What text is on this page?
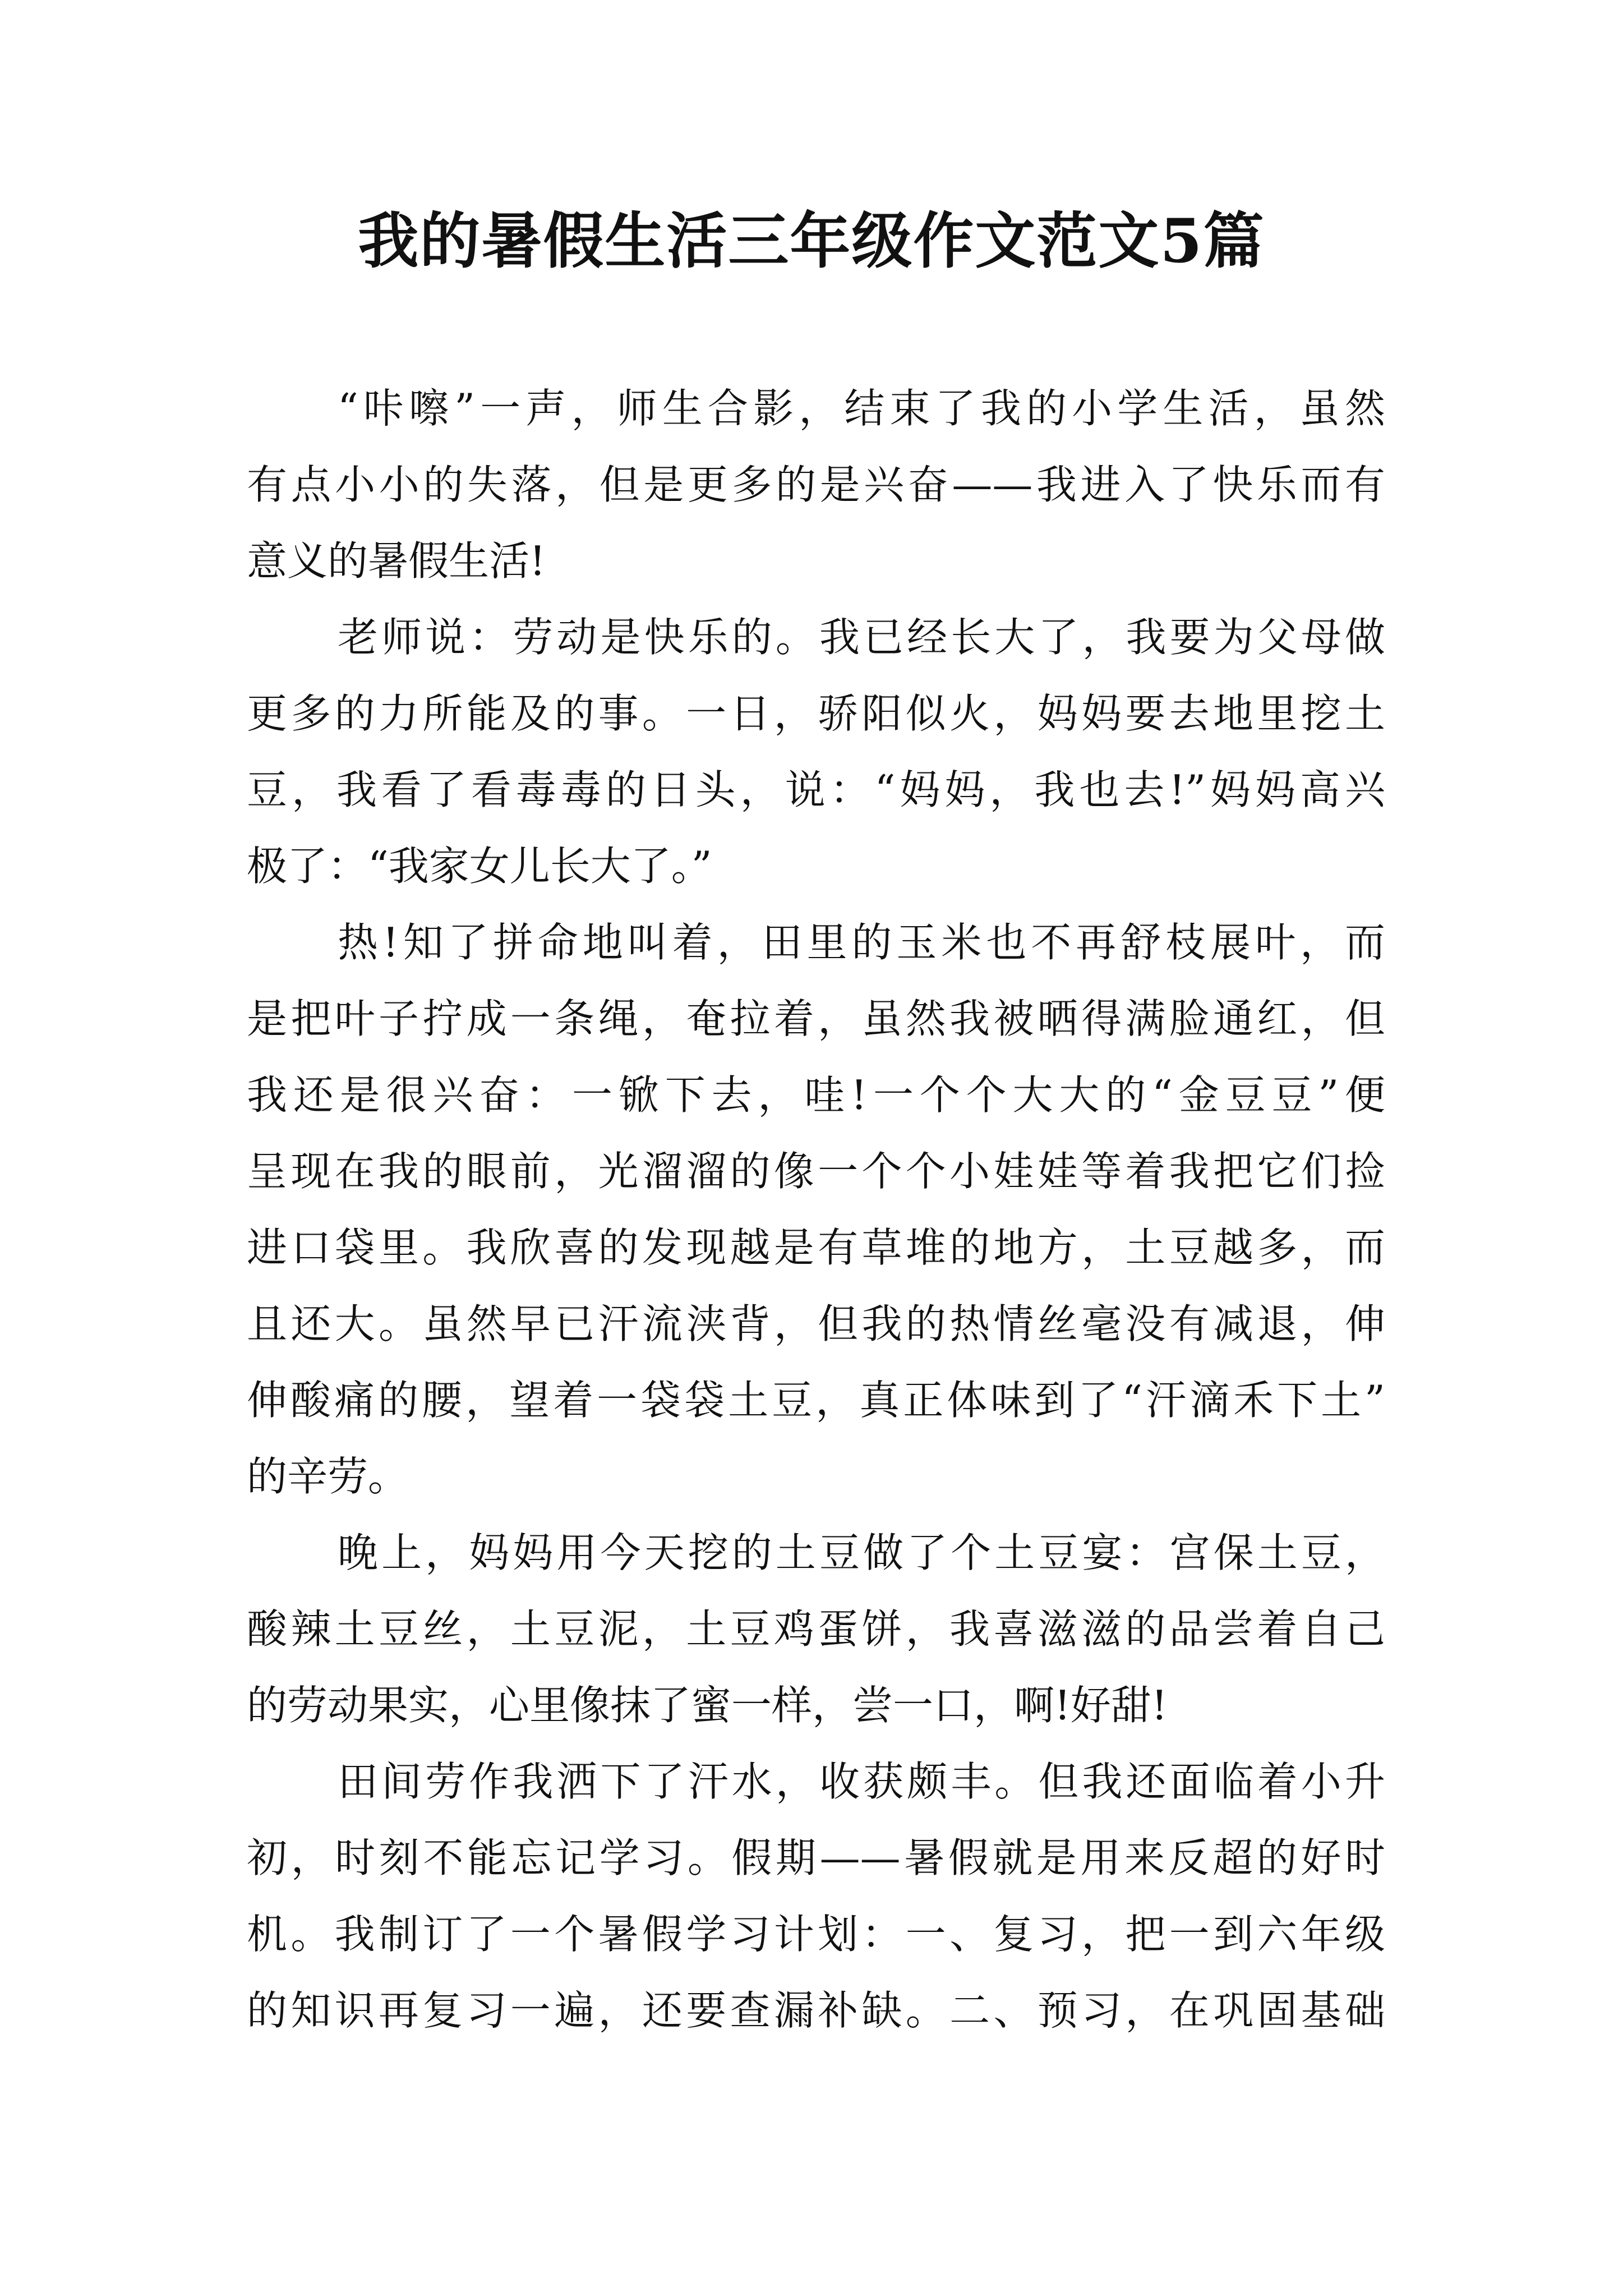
我的暑假生活三年级作文范文5篇
“咔嚓”一声，师生合影，结束了我的小学生活，虽然
有点小小的失落，但是更多的是兴奋——我进入了快乐而有
意义的暑假生活!
老师说：劳动是快乐的。我已经长大了，我要为父母做
更多的力所能及的事。一日，骄阳似火，妈妈要去地里挖土
豆，我看了看毒毒的日头，说：“妈妈，我也去!”妈妈高兴
极了：“我家女儿长大了。”
热!知了拼命地叫着，田里的玉米也不再舒枝展叶，而
是把叶子拧成一条绳，奄拉着，虽然我被晒得满脸通红，但
我还是很兴奋：一锨下去，哇!一个个大大的“金豆豆”便
呈现在我的眼前，光溜溜的像一个个小娃娃等着我把它们捡
进口袋里。我欣喜的发现越是有草堆的地方，土豆越多，而
且还大。虽然早已汗流浃背，但我的热情丝毫没有减退，伸
伸酸痛的腰，望着一袋袋土豆，真正体味到了“汗滴禾下土”
的辛劳。
晚上，妈妈用今天挖的土豆做了个土豆宴：宫保土豆，
酸辣土豆丝，土豆泥，土豆鸡蛋饼，我喜滋滋的品尝着自己
的劳动果实，心里像抹了蜜一样，尝一口，啊!好甜!
田间劳作我洒下了汗水，收获颇丰。但我还面临着小升
初，时刻不能忘记学习。假期——暑假就是用来反超的好时
机。我制订了一个暑假学习计划：一、复习，把一到六年级
的知识再复习一遍，还要查漏补缺。二、预习，在巩固基础
